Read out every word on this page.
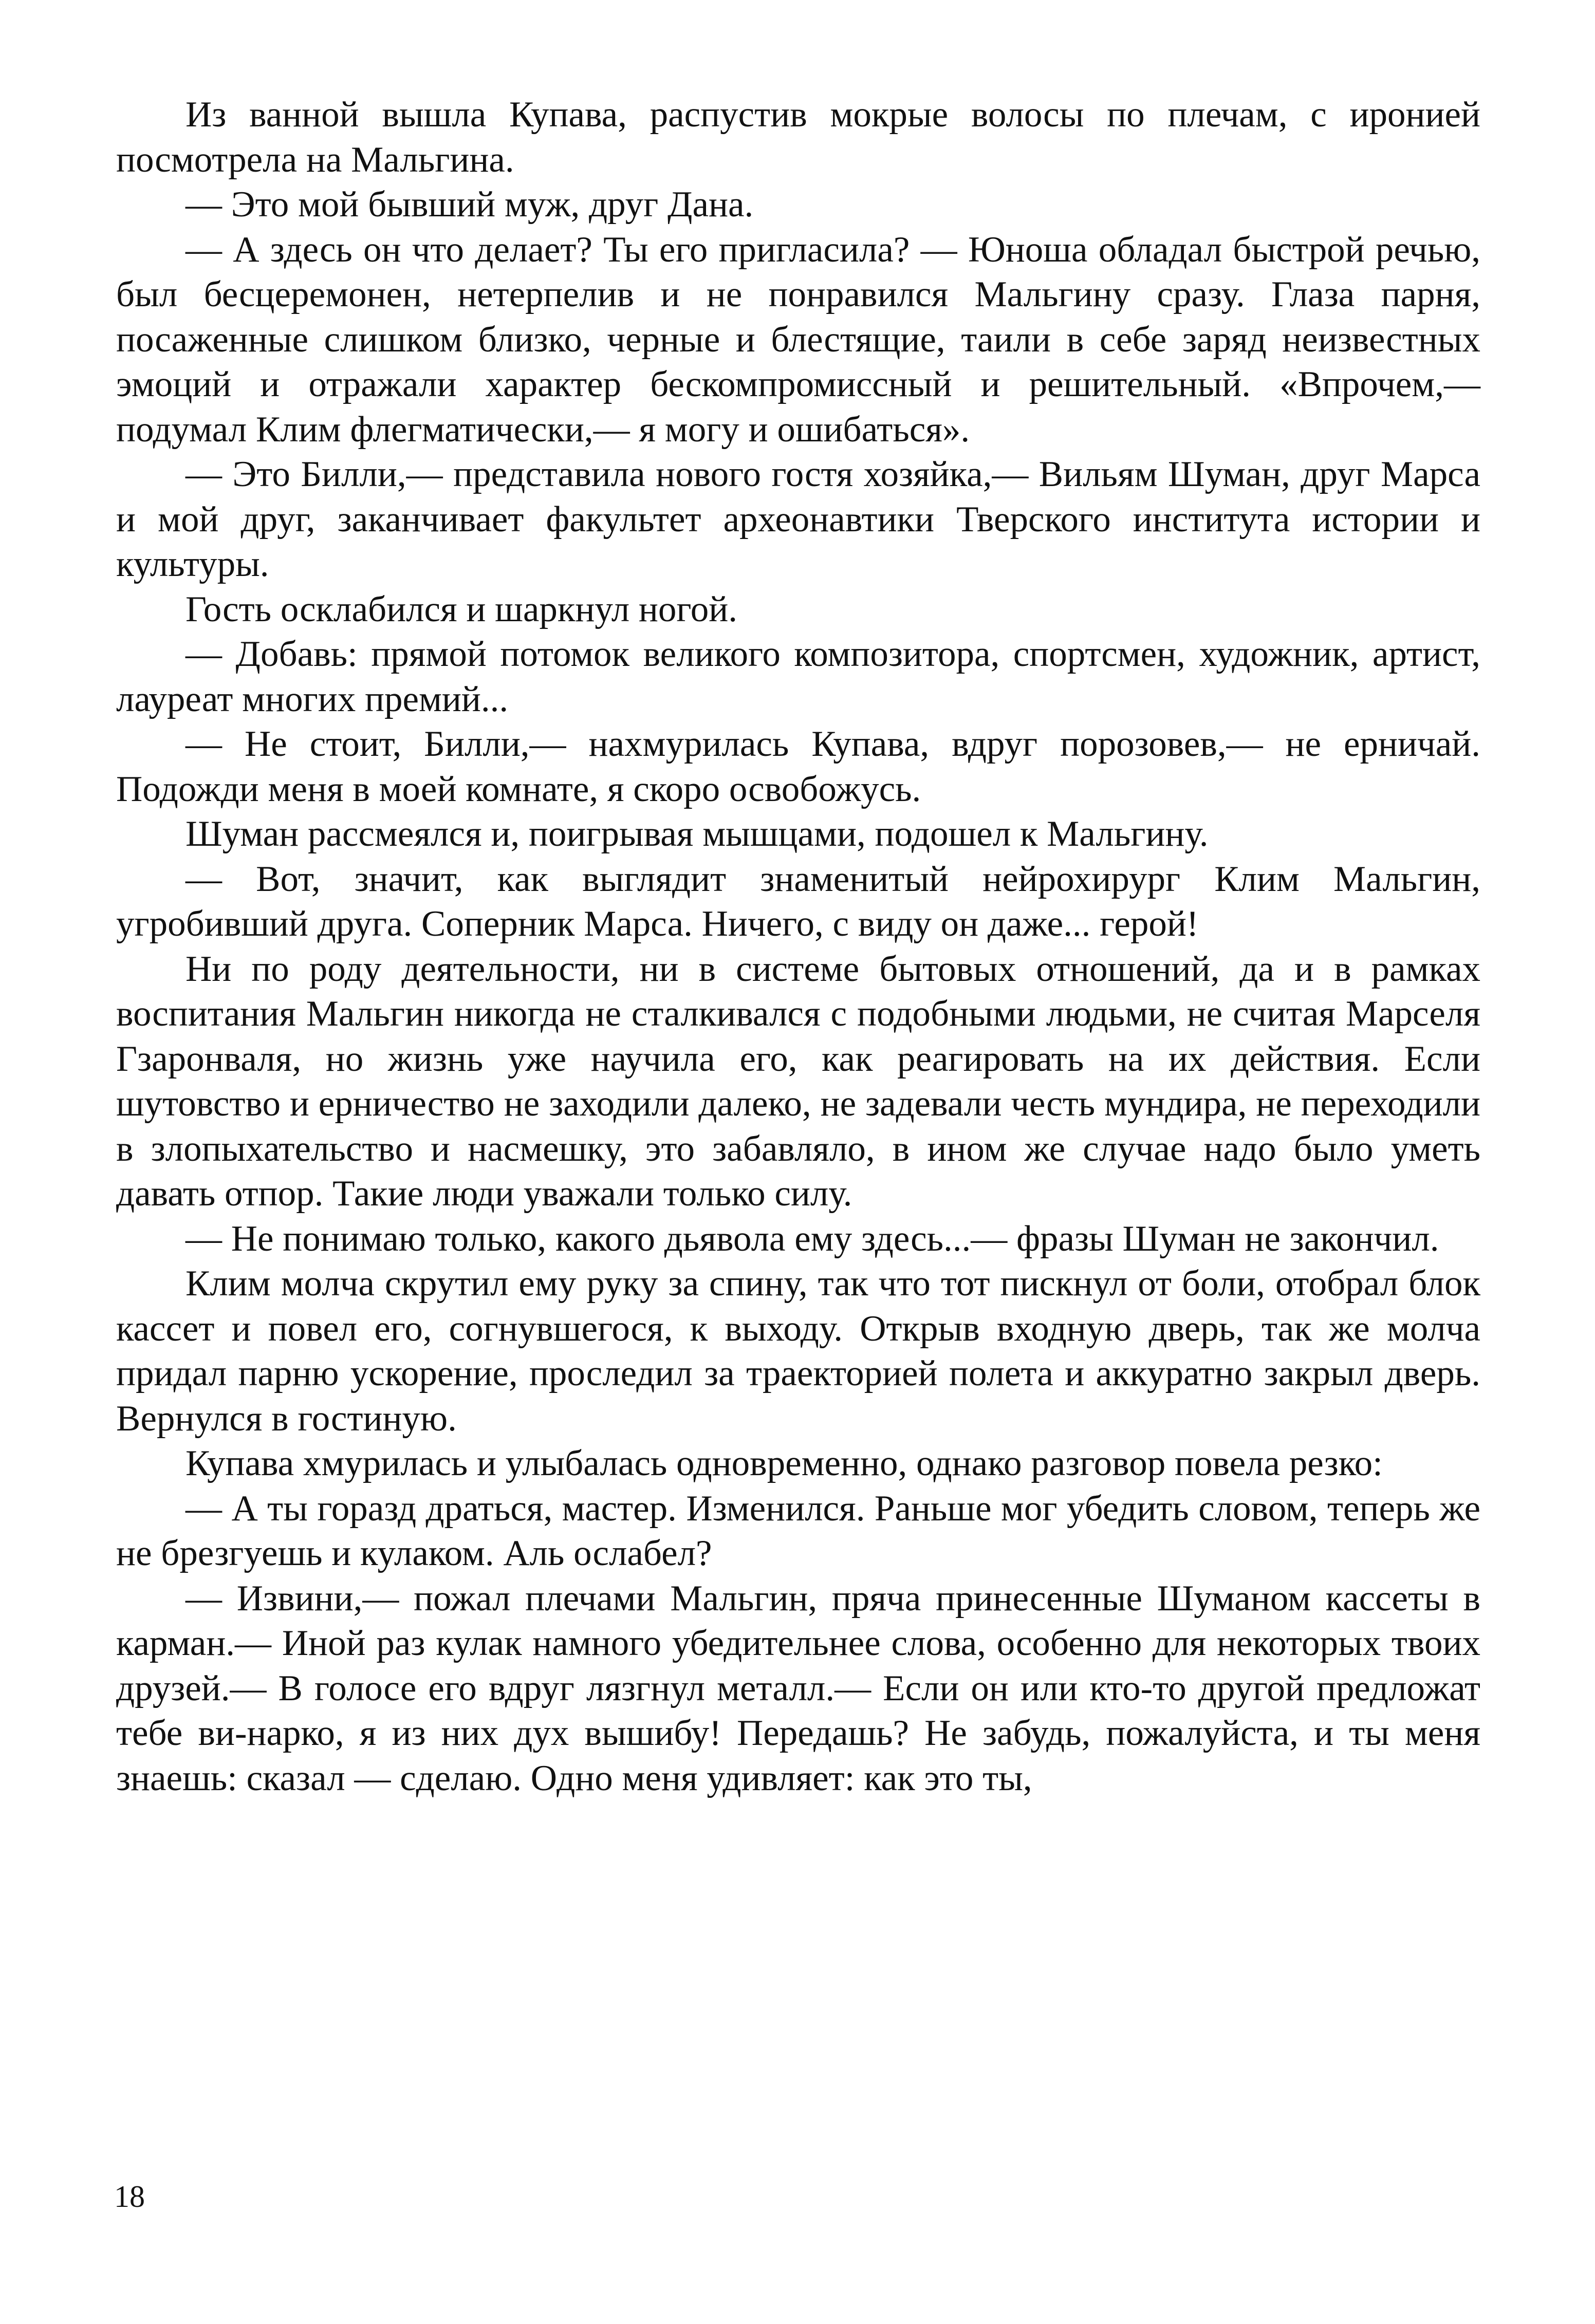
Из ванной вышла Купава, распустив мокрые волосы по плечам, с иронией посмотрела на Мальгина.

— Это мой бывший муж, друг Дана.

— А здесь он что делает? Ты его пригласила? — Юноша обладал быстрой речью, был бесцеремонен, нетерпелив и не понравился Мальгину сразу. Глаза парня, посаженные слишком близко, черные и блестящие, таили в себе заряд неизвестных эмоций и отражали характер бескомпромиссный и решительный. «Впрочем,— подумал Клим флегматически,— я могу и ошибаться».

— Это Билли,— представила нового гостя хозяйка,— Вильям Шуман, друг Марса и мой друг, заканчивает факультет археонавтики Тверского института истории и культуры.

Гость осклабился и шаркнул ногой.

— Добавь: прямой потомок великого композитора, спортсмен, художник, артист, лауреат многих премий...

— Не стоит, Билли,— нахмурилась Купава, вдруг порозовев,— не ерничай. Подожди меня в моей комнате, я скоро освобожусь.

Шуман рассмеялся и, поигрывая мышцами, подошел к Мальгину.

— Вот, значит, как выглядит знаменитый нейрохирург Клим Мальгин, угробивший друга. Соперник Марса. Ничего, с виду он даже... герой!

Ни по роду деятельности, ни в системе бытовых отношений, да и в рамках воспитания Мальгин никогда не сталкивался с подобными людьми, не считая Марселя Гзаронваля, но жизнь уже научила его, как реагировать на их действия. Если шутовство и ерничество не заходили далеко, не задевали честь мундира, не переходили в злопыхательство и насмешку, это забавляло, в ином же случае надо было уметь давать отпор. Такие люди уважали только силу.

— Не понимаю только, какого дьявола ему здесь...— фразы Шуман не закончил.

Клим молча скрутил ему руку за спину, так что тот пискнул от боли, отобрал блок кассет и повел его, согнувшегося, к выходу. Открыв входную дверь, так же молча придал парню ускорение, проследил за траекторией полета и аккуратно закрыл дверь. Вернулся в гостиную.

Купава хмурилась и улыбалась одновременно, однако разговор повела резко:

— А ты горазд драться, мастер. Изменился. Раньше мог убедить словом, теперь же не брезгуешь и кулаком. Аль ослабел?

— Извини,— пожал плечами Мальгин, пряча принесенные Шуманом кассеты в карман.— Иной раз кулак намного убедительнее слова, особенно для некоторых твоих друзей.— В голосе его вдруг лязгнул металл.— Если он или кто-то другой предложат тебе ви-нарко, я из них дух вышибу! Передашь? Не забудь, пожалуйста, и ты меня знаешь: сказал — сделаю. Одно меня удивляет: как это ты,

18
